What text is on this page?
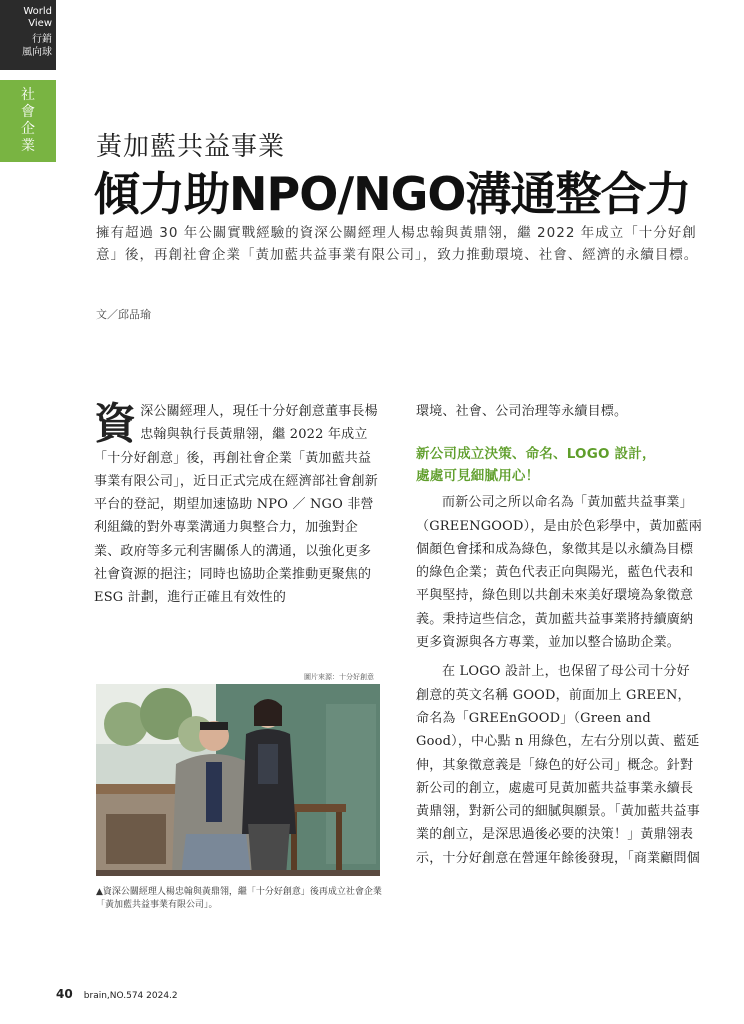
World
View
行銷
風向球
社
會
企
業 黃加藍共益事業
傾力助NPO/NGO溝通整合力
擁有超過 30 年公關實戰經驗的資深公關經理人楊忠翰與黃鼎翎，繼 2022 年成立「十分好創意」後，再創社會企業「黃加藍共益事業有限公司」，致力推動環境、社會、經濟的永續目標。
文／邱品瑜
資 深公關經理人，現任十分好創意董事長楊忠翰與執行長黃鼎翎，繼 2022 年成立「十分好創意」後，再創社會企業「黃加藍共益事業有限公司」，近日正式完成在經濟部社會創新平台的登記，期望加速協助 NPO ／ NGO 非營利組織的對外專業溝通力與整合力，加強對企業、政府等多元利害關係人的溝通，以強化更多社會資源的挹注；同時也協助企業推動更聚焦的 ESG 計劃，進行正確且有效性的
圖片來源：十分好創意
▲資深公關經理人楊忠翰與黃鼎翎，繼「十分好創意」後再成立社會企業「黃加藍共益事業有限公司」。

環境、社會、公司治理等永續目標。

新公司成立決策、命名、LOGO 設計，
處處可見細膩用心！

而新公司之所以命名為「黃加藍共益事業」（GREENGOOD），是由於色彩學中，黃加藍兩個顏色會揉和成為綠色，象徵其是以永續為目標的綠色企業；黃色代表正向與陽光，藍色代表和平與堅持，綠色則以共創未來美好環境為象徵意義。秉持這些信念，黃加藍共益事業將持續廣納更多資源與各方專業，並加以整合協助企業。

在 LOGO 設計上，也保留了母公司十分好創意的英文名稱 GOOD，前面加上 GREEN，命名為「GREEnGOOD」（Green and Good），中心點 n 用綠色，左右分別以黃、藍延伸，其象徵意義是「綠色的好公司」概念。針對新公司的創立，處處可見黃加藍共益事業永續長黃鼎翎，對新公司的細膩與願景。「黃加藍共益事業的創立，是深思過後必要的決策！」黃鼎翎表示，十分好創意在營運年餘後發現，「商業顧問個

40 brain,NO.574 2024.2
